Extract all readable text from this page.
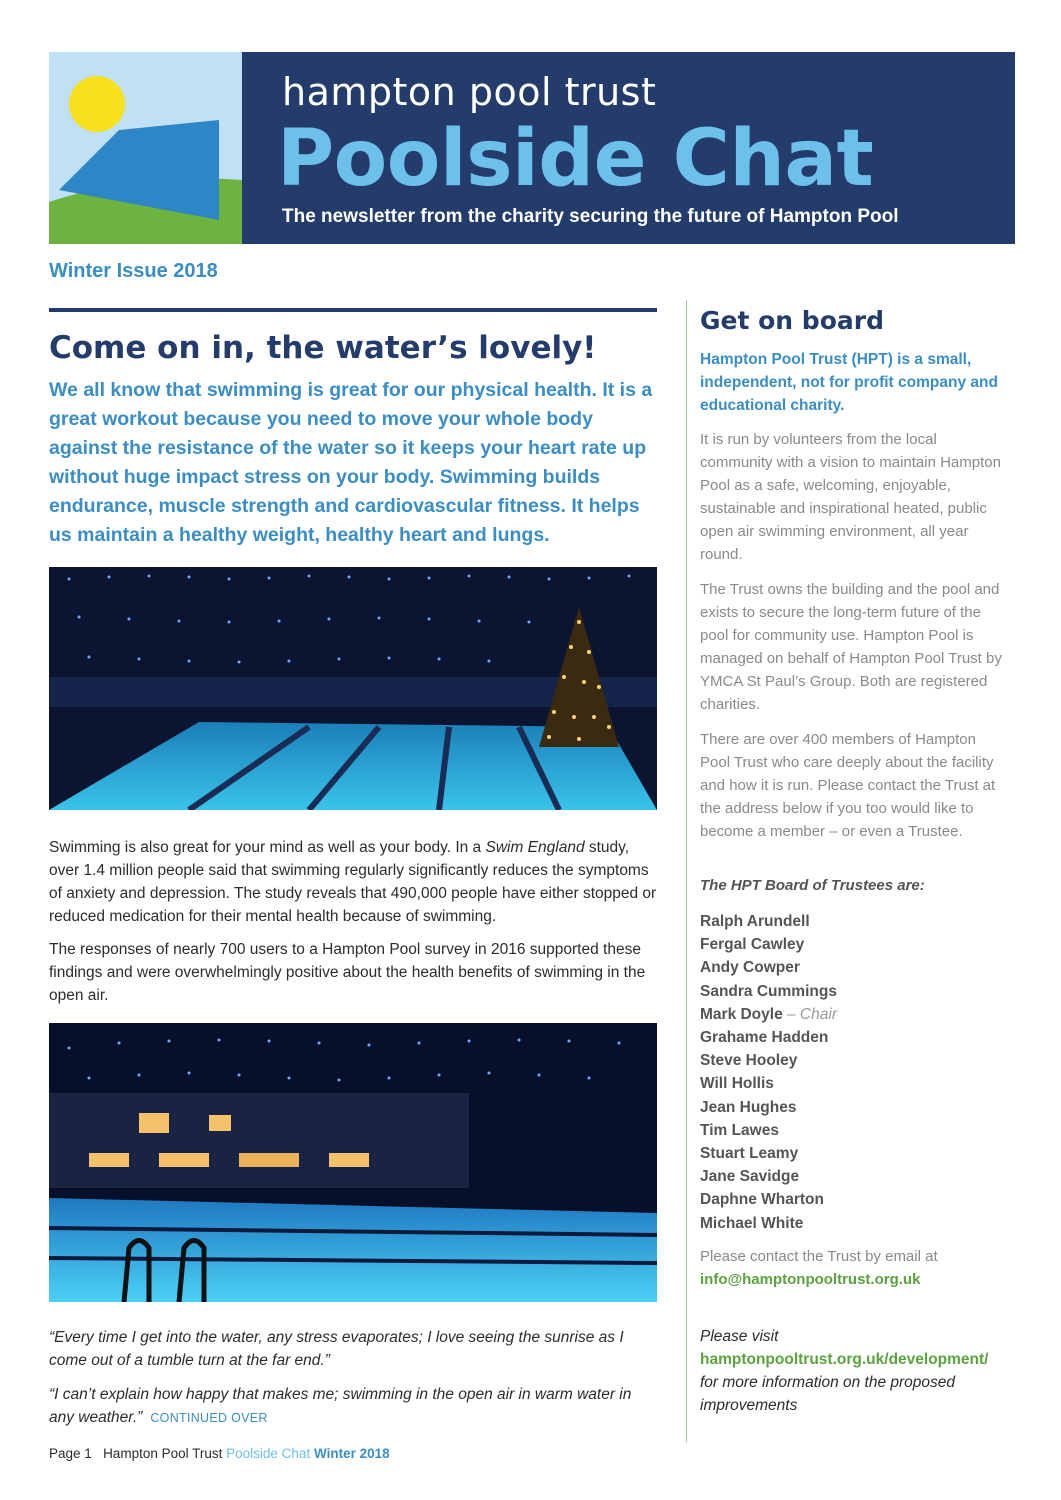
hampton pool trust
Poolside Chat
The newsletter from the charity securing the future of Hampton Pool
Winter Issue 2018
Come on in, the water’s lovely!
We all know that swimming is great for our physical health. It is a great workout because you need to move your whole body against the resistance of the water so it keeps your heart rate up without huge impact stress on your body. Swimming builds endurance, muscle strength and cardiovascular fitness. It helps us maintain a healthy weight, healthy heart and lungs.

Swimming is also great for your mind as well as your body. In a Swim England study, over 1.4 million people said that swimming regularly significantly reduces the symptoms of anxiety and depression. The study reveals that 490,000 people have either stopped or reduced medication for their mental health because of swimming.

The responses of nearly 700 users to a Hampton Pool survey in 2016 supported these findings and were overwhelmingly positive about the health benefits of swimming in the open air.

“Every time I get into the water, any stress evaporates; I love seeing the sunrise as I come out of a tumble turn at the far end.”
“I can’t explain how happy that makes me; swimming in the open air in warm water in any weather.” CONTINUED OVER
Page 1 Hampton Pool Trust Poolside Chat Winter 2018
Get on board
Hampton Pool Trust (HPT) is a small, independent, not for profit company and educational charity.
It is run by volunteers from the local community with a vision to maintain Hampton Pool as a safe, welcoming, enjoyable, sustainable and inspirational heated, public open air swimming environment, all year round.
The Trust owns the building and the pool and exists to secure the long-term future of the pool for community use. Hampton Pool is managed on behalf of Hampton Pool Trust by YMCA St Paul’s Group. Both are registered charities.
There are over 400 members of Hampton Pool Trust who care deeply about the facility and how it is run. Please contact the Trust at the address below if you too would like to become a member – or even a Trustee.
The HPT Board of Trustees are:
Ralph Arundell
Fergal Cawley
Andy Cowper
Sandra Cummings
Mark Doyle – Chair
Grahame Hadden
Steve Hooley
Will Hollis
Jean Hughes
Tim Lawes
Stuart Leamy
Jane Savidge
Daphne Wharton
Michael White
Please contact the Trust by email at
info@hamptonpooltrust.org.uk
Please visit hamptonpooltrust.org.uk/development/ for more information on the proposed improvements
